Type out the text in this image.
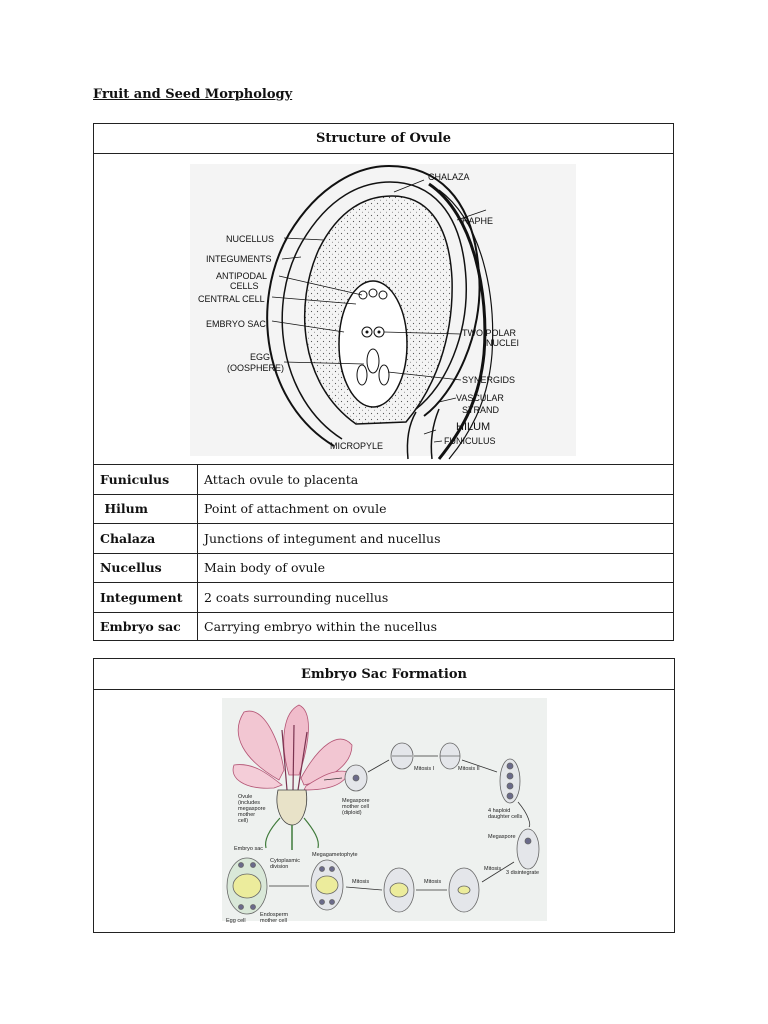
Fruit and Seed Morphology
Structure of Ovule
CHALAZA
RAPHE
NUCELLUS
INTEGUMENTS
ANTIPODAL
CELLS
CENTRAL CELL
EMBRYO SAC
TWO POLAR
NUCLEI
EGG
(OOSPHERE)
SYNERGIDS
VASCULAR
STRAND
HILUM
MICROPYLE	FUNICULUS
Funiculus	Attach ovule to placenta
Hilum	Point of attachment on ovule
Chalaza	Junctions of integument and nucellus
Nucellus	Main body of ovule
Integument	2 coats surrounding nucellus
Embryo sac	Carrying embryo within the nucellus
Embryo Sac Formation
Ovule
(includes
megaspore
mother
cell)
Megaspore
mother cell
(diploid)
Mitosis I	Mitosis II
4 haploid
daughter cells
Megaspore
3 disintegrate
Mitosis
Mitosis
Mitosis
Megagametophyte
Embryo sac
Cytoplasmic
division
Egg cell
Endosperm
mother cell
